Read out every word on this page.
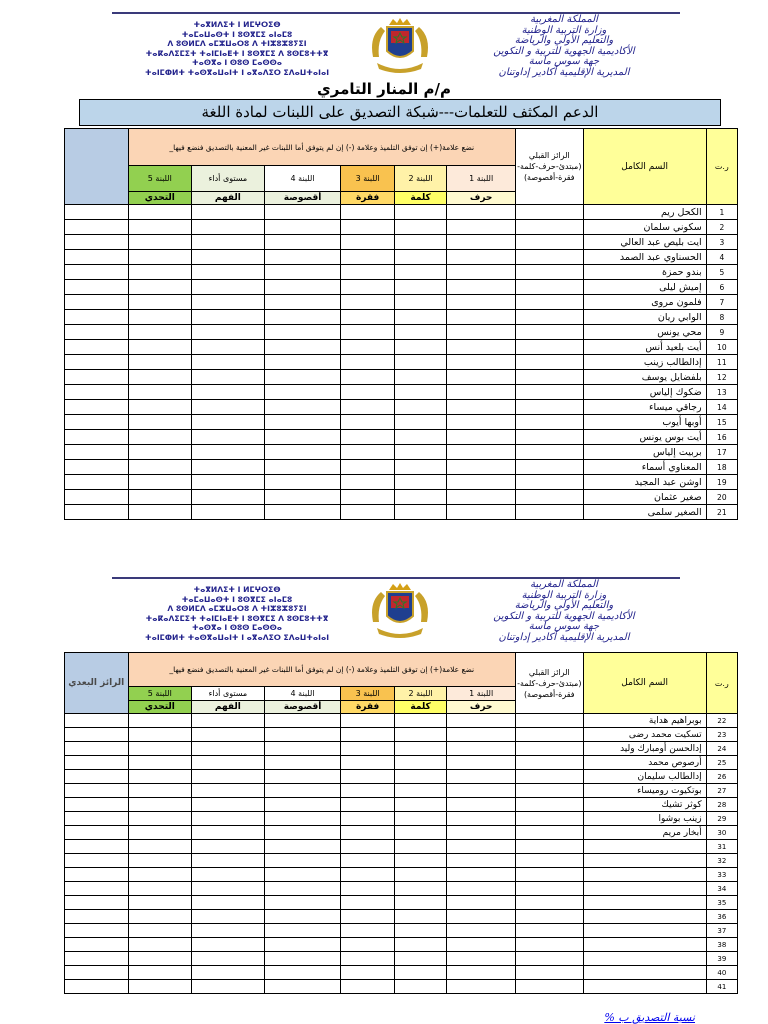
ⵜⴰⴳⵍⴷⵉⵜ ⵏ ⵍⵎⵖⵔⵉⴱ
ⵜⴰⵎⴰⵡⴰⵙⵜ ⵏ ⵓⵙⴳⵎⵉ ⴰⵏⴰⵎⵓ
ⴷ ⵓⵙⵍⵎⴷ ⴰⵎⵣⵡⴰⵔⵓ ⴷ ⵜⵏⵣⵓⵣⵓⵢⵉⵏ
ⵜⴰⴽⴰⴷⵉⵎⵉⵜ ⵜⴰⵏⵎⵏⴰⴹⵜ ⵏ ⵓⵙⴳⵎⵉ ⴷ ⵓⵙⵎⵓⵜⵜⴳ
ⵜⴰⵙⴳⴰ ⵏ ⵙⵓⵙ ⵎⴰⵙⵙⴰ
ⵜⴰⵏⵎⵀⵍⵜ ⵜⴰⵙⴳⴰⵡⴰⵏⵜ ⵏ ⴰⴳⴰⴷⵉⵔ ⵉⴷⴰⵡⵜⴰⵏⴰⵏ
المملكة المغربية
وزارة التربية الوطنية
والتعليم الأولي والرياضة
الأكاديمية الجهوية للتربية و التكوين
جهة سوس ماسة
المديرية الإقليمية أكادير إداوتنان
م/م المنار التامري
الدعم المكثف للتعلمات---شبكة التصديق على اللبنات لمادة اللغة
	نضع علامة(+) إن توفق التلميذ وعلامة (-) إن لم يتوفق أما اللبنات غير المعنية بالتصديق فنضع فيها_						الرائز القبلي (مبتدئ-حرف-كلمة-فقرة-أقصوصة)	السم الكامل	ر.ت
	اللبنة 5	مستوى أداء	اللبنة 4	اللبنة 3	اللبنة 2	اللبنة 1			
	التحدي	الفهم	أقصوصة	فقرة	كلمة	حرف			
								الكحل ريم	1
								سكوني سلمان	2
								ايت بليص عبد العالي	3
								الحسناوي عبد الصمد	4
								بندو حمزة	5
								إميش ليلى	6
								فلمون مروى	7
								الوابي ريان	8
								محي يونس	9
								أيت بلعيد أنس	10
								إدالطالب زينب	11
								بلفضايل يوسف	12
								ضكوك إلياس	13
								رجاقي ميساء	14
								أوبها أيوب	15
								أيت بوس يونس	16
								بربيت إلياس	17
								المعناوي أسماء	18
								اوشن عبد المجيد	19
								صغير عثمان	20
								الصغير سلمى	21
ⵜⴰⴳⵍⴷⵉⵜ ⵏ ⵍⵎⵖⵔⵉⴱ
ⵜⴰⵎⴰⵡⴰⵙⵜ ⵏ ⵓⵙⴳⵎⵉ ⴰⵏⴰⵎⵓ
ⴷ ⵓⵙⵍⵎⴷ ⴰⵎⵣⵡⴰⵔⵓ ⴷ ⵜⵏⵣⵓⵣⵓⵢⵉⵏ
ⵜⴰⴽⴰⴷⵉⵎⵉⵜ ⵜⴰⵏⵎⵏⴰⴹⵜ ⵏ ⵓⵙⴳⵎⵉ ⴷ ⵓⵙⵎⵓⵜⵜⴳ
ⵜⴰⵙⴳⴰ ⵏ ⵙⵓⵙ ⵎⴰⵙⵙⴰ
ⵜⴰⵏⵎⵀⵍⵜ ⵜⴰⵙⴳⴰⵡⴰⵏⵜ ⵏ ⴰⴳⴰⴷⵉⵔ ⵉⴷⴰⵡⵜⴰⵏⴰⵏ
المملكة المغربية
وزارة التربية الوطنية
والتعليم الأولي والرياضة
الأكاديمية الجهوية للتربية و التكوين
جهة سوس ماسة
المديرية الإقليمية أكادير إداوتنان
الرائز البعدي	نضع علامة(+) إن توفق التلميذ وعلامة (-) إن لم يتوفق أما اللبنات غير المعنية بالتصديق فنضع فيها_						الرائز القبلي (مبتدئ-حرف-كلمة-فقرة-أقصوصة)	السم الكامل	ر.ت
	اللبنة 5	مستوى أداء	اللبنة 4	اللبنة 3	اللبنة 2	اللبنة 1			
	التحدي	الفهم	أقصوصة	فقرة	كلمة	حرف			
								بوبراهيم هداية	22
								تسكيت محمد رضى	23
								إدالحسن أومبارك وليد	24
								أرصوص محمد	25
								إدالطالب سليمان	26
								بوتكيوت روميساء	27
								كوثر تشيك	28
								زينب بوشوا	29
								أبخار مريم	30
									31
									32
									33
									34
									35
									36
									37
									38
									39
									40
									41
نسبة التصديق ب %
